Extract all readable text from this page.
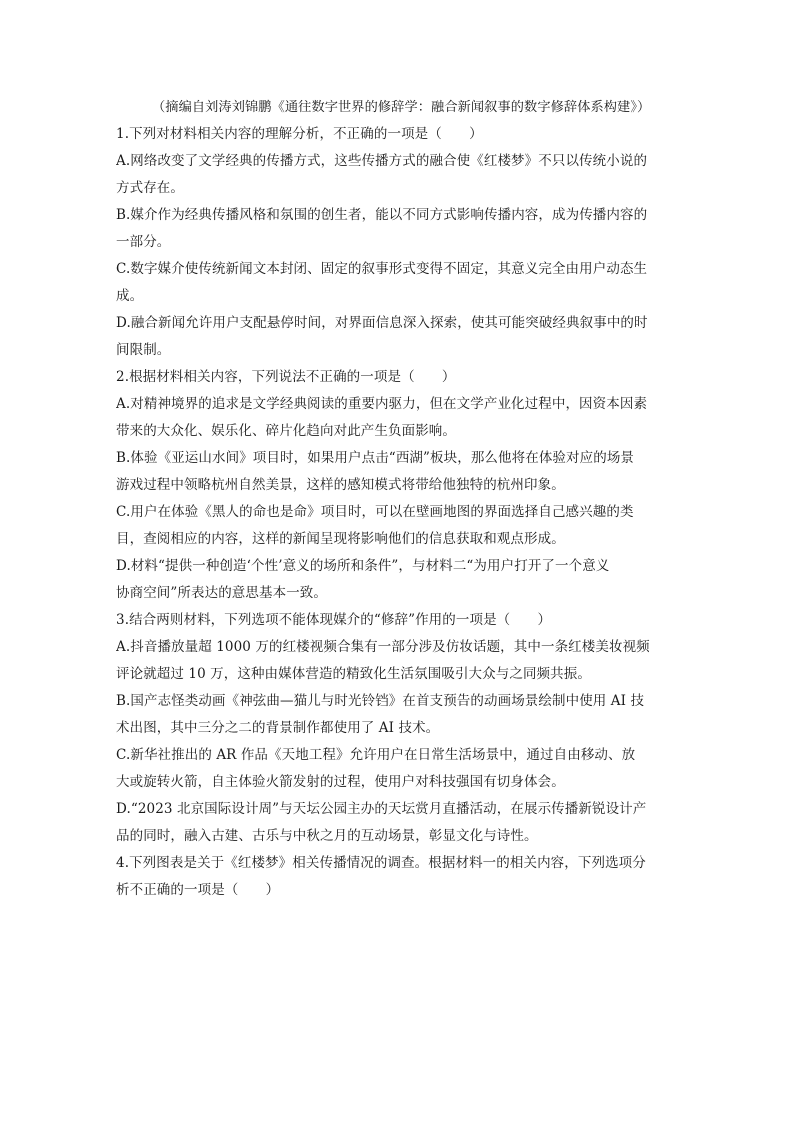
（摘编自刘涛刘锦鹏《通往数字世界的修辞学：融合新闻叙事的数字修辞体系构建》）
1.下列对材料相关内容的理解分析，不正确的一项是（　　）
A.网络改变了文学经典的传播方式，这些传播方式的融合使《红楼梦》不只以传统小说的
方式存在。
B.媒介作为经典传播风格和氛围的创生者，能以不同方式影响传播内容，成为传播内容的
一部分。
C.数字媒介使传统新闻文本封闭、固定的叙事形式变得不固定，其意义完全由用户动态生
成。
D.融合新闻允许用户支配悬停时间，对界面信息深入探索，使其可能突破经典叙事中的时
间限制。
2.根据材料相关内容，下列说法不正确的一项是（　　）
A.对精神境界的追求是文学经典阅读的重要内驱力，但在文学产业化过程中，因资本因素
带来的大众化、娱乐化、碎片化趋向对此产生负面影响。
B.体验《亚运山水间》项目时，如果用户点击“西湖”板块，那么他将在体验对应的场景
游戏过程中领略杭州自然美景，这样的感知模式将带给他独特的杭州印象。
C.用户在体验《黑人的命也是命》项目时，可以在壁画地图的界面选择自己感兴趣的类
目，查阅相应的内容，这样的新闻呈现将影响他们的信息获取和观点形成。
D.材料“提供一种创造‘个性’意义的场所和条件”，与材料二“为用户打开了一个意义
协商空间”所表达的意思基本一致。
3.结合两则材料，下列选项不能体现媒介的“修辞”作用的一项是（　　）
A.抖音播放量超 1000 万的红楼视频合集有一部分涉及仿妆话题，其中一条红楼美妆视频
评论就超过 10 万，这种由媒体营造的精致化生活氛围吸引大众与之同频共振。
B.国产志怪类动画《神弦曲—猫儿与时光铃铛》在首支预告的动画场景绘制中使用 AI 技
术出图，其中三分之二的背景制作都使用了 AI 技术。
C.新华社推出的 AR 作品《天地工程》允许用户在日常生活场景中，通过自由移动、放
大或旋转火箭，自主体验火箭发射的过程，使用户对科技强国有切身体会。
D.“2023 北京国际设计周”与天坛公园主办的天坛赏月直播活动，在展示传播新锐设计产
品的同时，融入古建、古乐与中秋之月的互动场景，彰显文化与诗性。
4.下列图表是关于《红楼梦》相关传播情况的调查。根据材料一的相关内容，下列选项分
析不正确的一项是（　　）
